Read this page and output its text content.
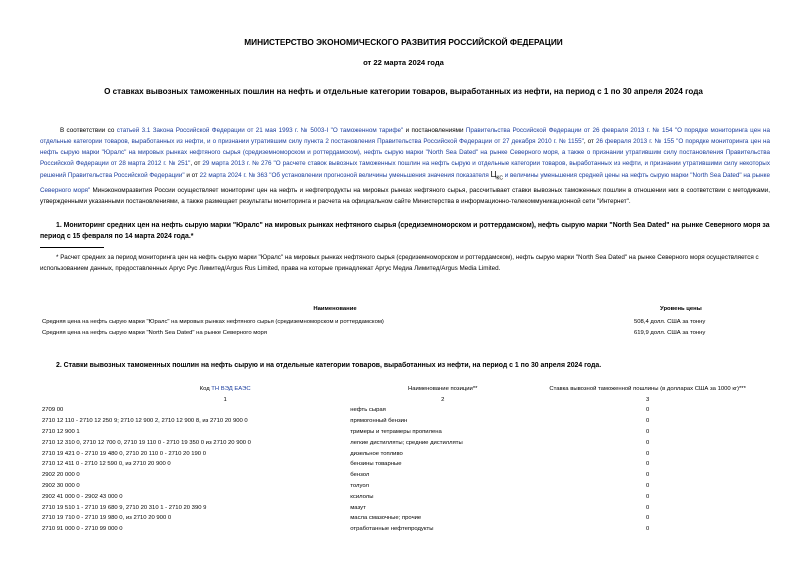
МИНИСТЕРСТВО ЭКОНОМИЧЕСКОГО РАЗВИТИЯ РОССИЙСКОЙ ФЕДЕРАЦИИ
от 22 марта 2024 года
О ставках вывозных таможенных пошлин на нефть и отдельные категории товаров, выработанных из нефти, на период с 1 по 30 апреля 2024 года

В соответствии со статьей 3.1 Закона Российской Федерации от 21 мая 1993 г. № 5003-I "О таможенном тарифе" и постановлениями Правительства Российской Федерации от 26 февраля 2013 г. № 154 "О порядке мониторинга цен на отдельные категории товаров, выработанных из нефти, и о признании утратившим силу пункта 2 постановления Правительства Российской Федерации от 27 декабря 2010 г. № 1155", от 26 февраля 2013 г. № 155 "О порядке мониторинга цен на нефть сырую марки "Юралс" на мировых рынках нефтяного сырья (средиземноморском и роттердамском), нефть сырую марки "North Sea Dated" на рынке Северного моря, а также о признании утратившим силу постановления Правительства Российской Федерации от 28 марта 2012 г. № 251", от 29 марта 2013 г. № 276 "О расчете ставок вывозных таможенных пошлин на нефть сырую и отдельные категории товаров, выработанных из нефти, и признании утратившими силу некоторых решений Правительства Российской Федерации" и от 22 марта 2024 г. № 363 "Об установлении прогнозной величины уменьшения значения показателя $Ц_{КС}$ и величины уменьшения средней цены на нефть сырую марки "North Sea Dated" на рынке Северного моря" Минэкономразвития России осуществляет мониторинг цен на нефть и нефтепродукты на мировых рынках нефтяного сырья, рассчитывает ставки вывозных таможенных пошлин в отношении них в соответствии с методиками, утвержденными указанными постановлениями, а также размещает результаты мониторинга и расчета на официальном сайте Министерства в информационно-телекоммуникационной сети "Интернет".

1. Мониторинг средних цен на нефть сырую марки "Юралс" на мировых рынках нефтяного сырья (средиземноморском и роттердамском), нефть сырую марки "North Sea Dated" на рынке Северного моря за период с 15 февраля по 14 марта 2024 года.*
* Расчет средних за период мониторинга цен на нефть сырую марки "Юралс" на мировых рынках нефтяного сырья (средиземноморском и роттердамском), нефть сырую марки "North Sea Dated" на рынке Северного моря осуществляется с использованием данных, предоставленных Аргус Рус Лимитед/Argus Rus Limited, права на которые принадлежат Аргус Медиа Лимитед/Argus Media Limited.
Наименование	Уровень цены
Средняя цена на нефть сырую марки "Юралс" на мировых рынках нефтяного сырья (средиземноморском и роттердамском)	508,4 долл. США за тонну
Средняя цена на нефть сырую марки "North Sea Dated" на рынке Северного моря	619,9 долл. США за тонну
2. Ставки вывозных таможенных пошлин на нефть сырую и на отдельные категории товаров, выработанных из нефти, на период с 1 по 30 апреля 2024 года.
Код ТН ВЭД ЕАЭС	Наименование позиции**	Ставка вывозной таможенной пошлины (в долларах США за 1000 кг)***
1	2	3
2709 00	нефть сырая	0
2710 12 110 - 2710 12 250 9; 2710 12 900 2, 2710 12 900 8, из 2710 20 900 0	прямогонный бензин	0
2710 12 900 1	тримеры и тетрамеры пропилена	0
2710 12 310 0, 2710 12 700 0, 2710 19 110 0 - 2710 19 350 0 из 2710 20 900 0	легкие дистилляты; средние дистилляты	0
2710 19 421 0 - 2710 19 480 0, 2710 20 110 0 - 2710 20 190 0	дизельное топливо	0
2710 12 411 0 - 2710 12 590 0, из 2710 20 900 0	бензины товарные	0
2902 20 000 0	бензол	0
2902 30 000 0	толуол	0
2902 41 000 0 - 2902 43 000 0	ксилолы	0
2710 19 510 1 - 2710 19 680 9, 2710 20 310 1 - 2710 20 390 9	мазут	0
2710 19 710 0 - 2710 19 980 0, из 2710 20 900 0	масла смазочные; прочие	0
2710 91 000 0 - 2710 99 000 0	отработанные нефтепродукты	0
